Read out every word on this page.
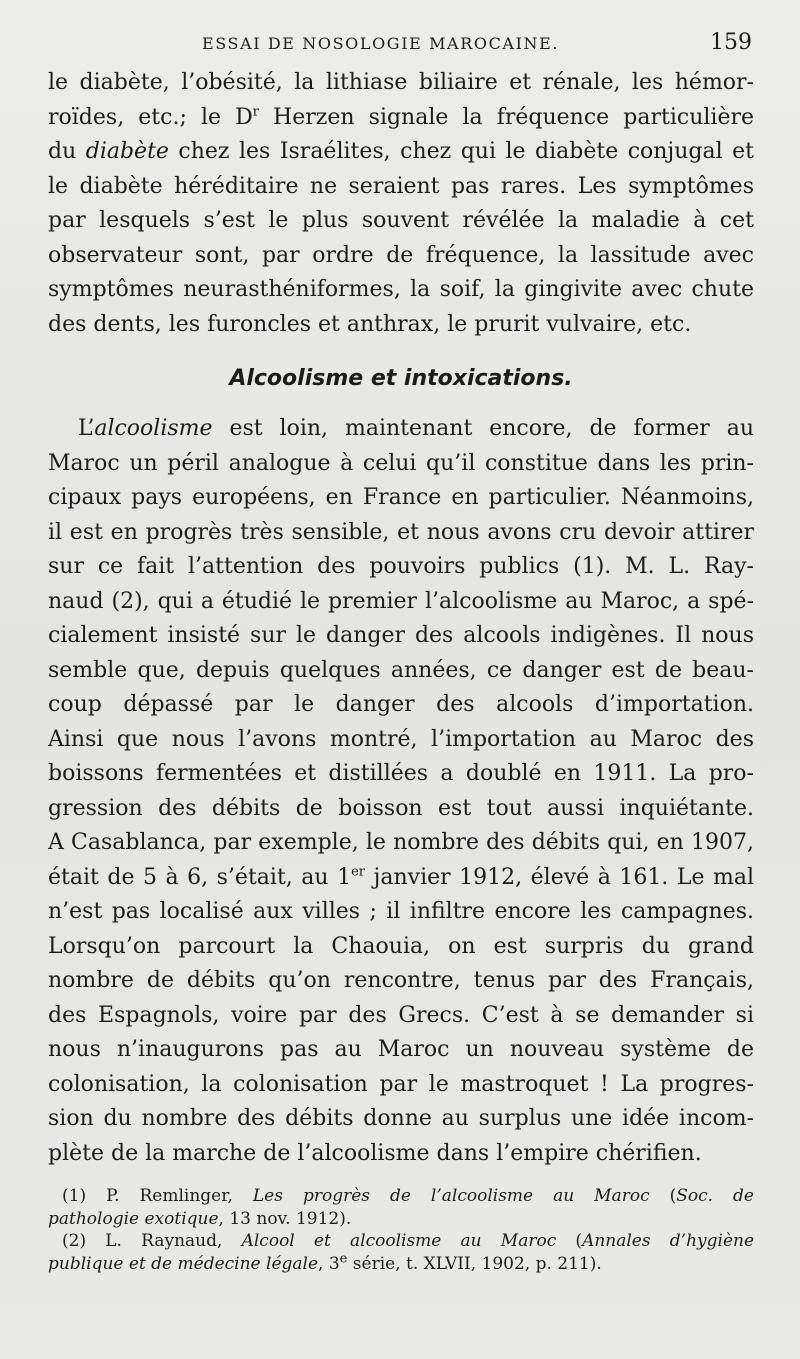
ESSAI DE NOSOLOGIE MAROCAINE.	159
le diabète, l’obésité, la lithiase biliaire et rénale, les hémor-
roïdes, etc.; le $D^r$ Herzen signale la fréquence particulière
du diabète chez les Israélites, chez qui le diabète conjugal et
le diabète héréditaire ne seraient pas rares. Les symptômes
par lesquels s’est le plus souvent révélée la maladie à cet
observateur sont, par ordre de fréquence, la lassitude avec
symptômes neurasthéniformes, la soif, la gingivite avec chute
des dents, les furoncles et anthrax, le prurit vulvaire, etc.
Alcoolisme et intoxications.
L’alcoolisme est loin, maintenant encore, de former au
Maroc un péril analogue à celui qu’il constitue dans les prin-
cipaux pays européens, en France en particulier. Néanmoins,
il est en progrès très sensible, et nous avons cru devoir attirer
sur ce fait l’attention des pouvoirs publics (1). M. L. Ray-
naud (2), qui a étudié le premier l’alcoolisme au Maroc, a spé-
cialement insisté sur le danger des alcools indigènes. Il nous
semble que, depuis quelques années, ce danger est de beau-
coup dépassé par le danger des alcools d’importation.
Ainsi que nous l’avons montré, l’importation au Maroc des
boissons fermentées et distillées a doublé en 1911. La pro-
gression des débits de boisson est tout aussi inquiétante.
A Casablanca, par exemple, le nombre des débits qui, en 1907,
était de 5 à 6, s’était, au 1er janvier 1912, élevé à 161. Le mal
n’est pas localisé aux villes ; il infiltre encore les campagnes.
Lorsqu’on parcourt la Chaouia, on est surpris du grand
nombre de débits qu’on rencontre, tenus par des Français,
des Espagnols, voire par des Grecs. C’est à se demander si
nous n’inaugurons pas au Maroc un nouveau système de
colonisation, la colonisation par le mastroquet ! La progres-
sion du nombre des débits donne au surplus une idée incom-
plète de la marche de l’alcoolisme dans l’empire chérifien.
(1) P. Remlinger, Les progrès de l’alcoolisme au Maroc (Soc. de
pathologie exotique, 13 nov. 1912).
(2) L. Raynaud, Alcool et alcoolisme au Maroc (Annales d’hygiène
publique et de médecine légale, 3e série, t. XLVII, 1902, p. 211).
